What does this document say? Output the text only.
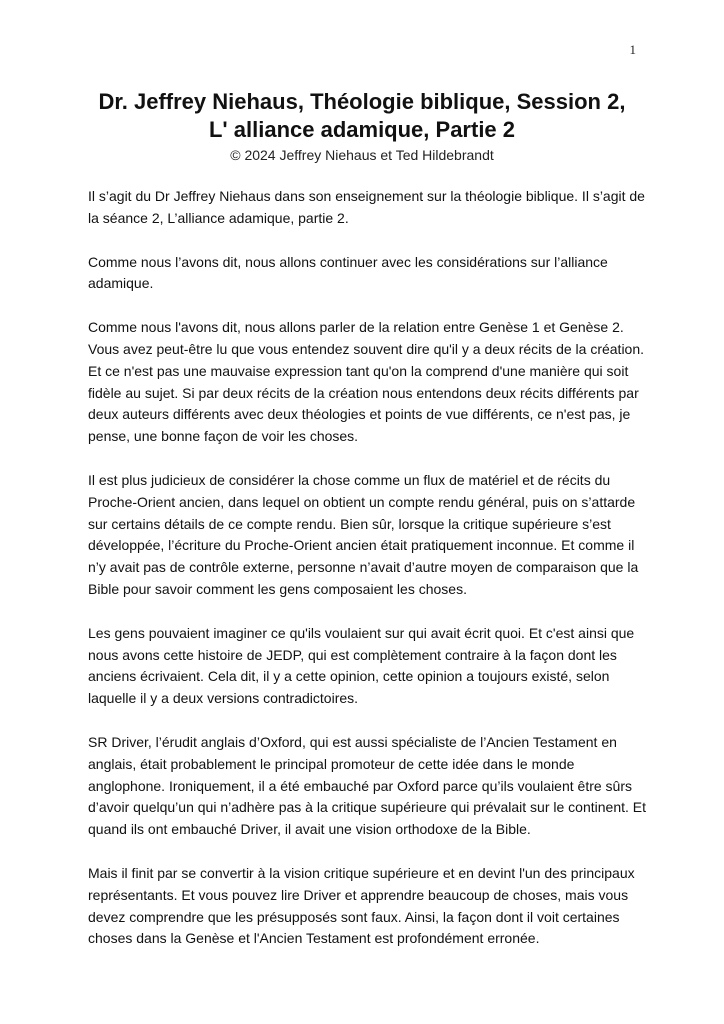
1
Dr. Jeffrey Niehaus, Théologie biblique, Session 2,
L' alliance adamique, Partie 2
© 2024 Jeffrey Niehaus et Ted Hildebrandt

Il s’agit du Dr Jeffrey Niehaus dans son enseignement sur la théologie biblique. Il s’agit de la séance 2, L’alliance adamique, partie 2.

Comme nous l’avons dit, nous allons continuer avec les considérations sur l’alliance adamique.

Comme nous l'avons dit, nous allons parler de la relation entre Genèse 1 et Genèse 2. Vous avez peut-être lu que vous entendez souvent dire qu'il y a deux récits de la création. Et ce n'est pas une mauvaise expression tant qu'on la comprend d'une manière qui soit fidèle au sujet. Si par deux récits de la création nous entendons deux récits différents par deux auteurs différents avec deux théologies et points de vue différents, ce n'est pas, je pense, une bonne façon de voir les choses.

Il est plus judicieux de considérer la chose comme un flux de matériel et de récits du Proche-Orient ancien, dans lequel on obtient un compte rendu général, puis on s’attarde sur certains détails de ce compte rendu. Bien sûr, lorsque la critique supérieure s’est développée, l’écriture du Proche-Orient ancien était pratiquement inconnue. Et comme il n’y avait pas de contrôle externe, personne n’avait d’autre moyen de comparaison que la Bible pour savoir comment les gens composaient les choses.

Les gens pouvaient imaginer ce qu'ils voulaient sur qui avait écrit quoi. Et c'est ainsi que nous avons cette histoire de JEDP, qui est complètement contraire à la façon dont les anciens écrivaient. Cela dit, il y a cette opinion, cette opinion a toujours existé, selon laquelle il y a deux versions contradictoires.

SR Driver, l’érudit anglais d’Oxford, qui est aussi spécialiste de l’Ancien Testament en anglais, était probablement le principal promoteur de cette idée dans le monde anglophone. Ironiquement, il a été embauché par Oxford parce qu’ils voulaient être sûrs d’avoir quelqu’un qui n’adhère pas à la critique supérieure qui prévalait sur le continent. Et quand ils ont embauché Driver, il avait une vision orthodoxe de la Bible.

Mais il finit par se convertir à la vision critique supérieure et en devint l'un des principaux représentants. Et vous pouvez lire Driver et apprendre beaucoup de choses, mais vous devez comprendre que les présupposés sont faux. Ainsi, la façon dont il voit certaines choses dans la Genèse et l'Ancien Testament est profondément erronée.
